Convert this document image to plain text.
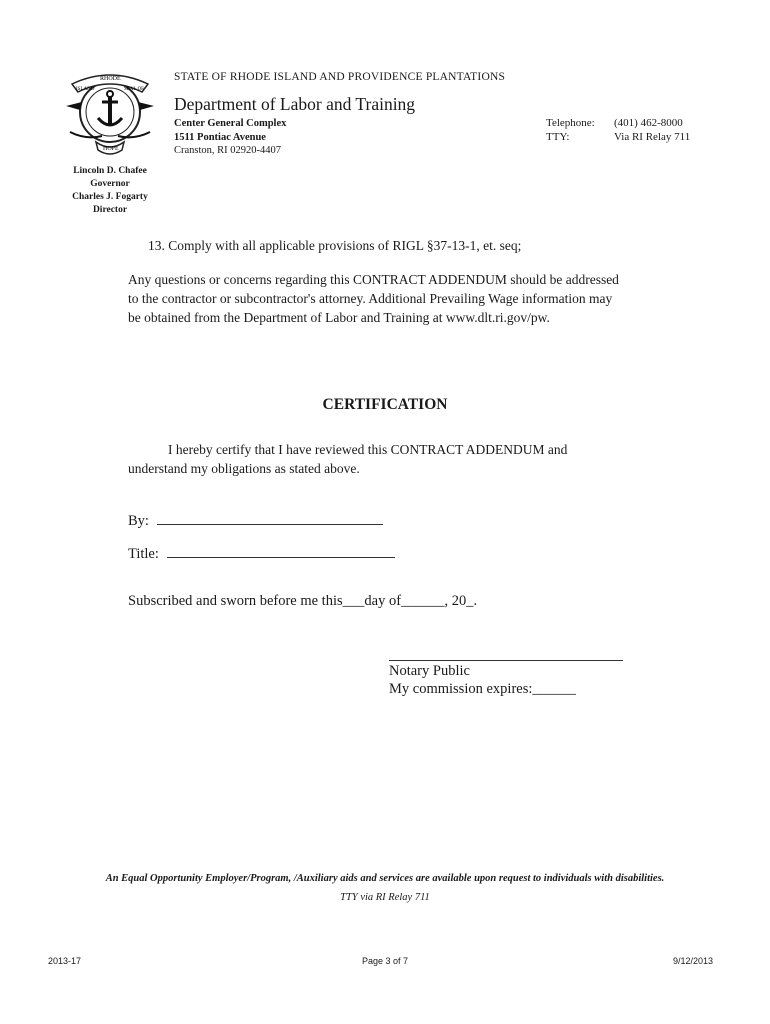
HOPE
RHODE
ISLAND	SEAL OF
STATE OF RHODE ISLAND AND PROVIDENCE PLANTATIONS
Department of Labor and Training
Center General Complex
1511 Pontiac Avenue
Cranston, RI 02920-4407
Telephone:	(401) 462-8000
TTY:	Via RI Relay 711
Lincoln D. Chafee
Governor
Charles J. Fogarty
Director
13. Comply with all applicable provisions of RIGL §37-13-1, et. seq;
Any questions or concerns regarding this CONTRACT ADDENDUM should be addressed to the contractor or subcontractor's attorney. Additional Prevailing Wage information may be obtained from the Department of Labor and Training at www.dlt.ri.gov/pw.
CERTIFICATION
I hereby certify that I have reviewed this CONTRACT ADDENDUM and understand my obligations as stated above.
By:
Title:
Subscribed and sworn before me this___day of______, 20_.
Notary Public
My commission expires:______
An Equal Opportunity Employer/Program, /Auxiliary aids and services are available upon request to individuals with disabilities.
TTY via RI Relay 711
2013-17	Page 3 of 7	9/12/2013
